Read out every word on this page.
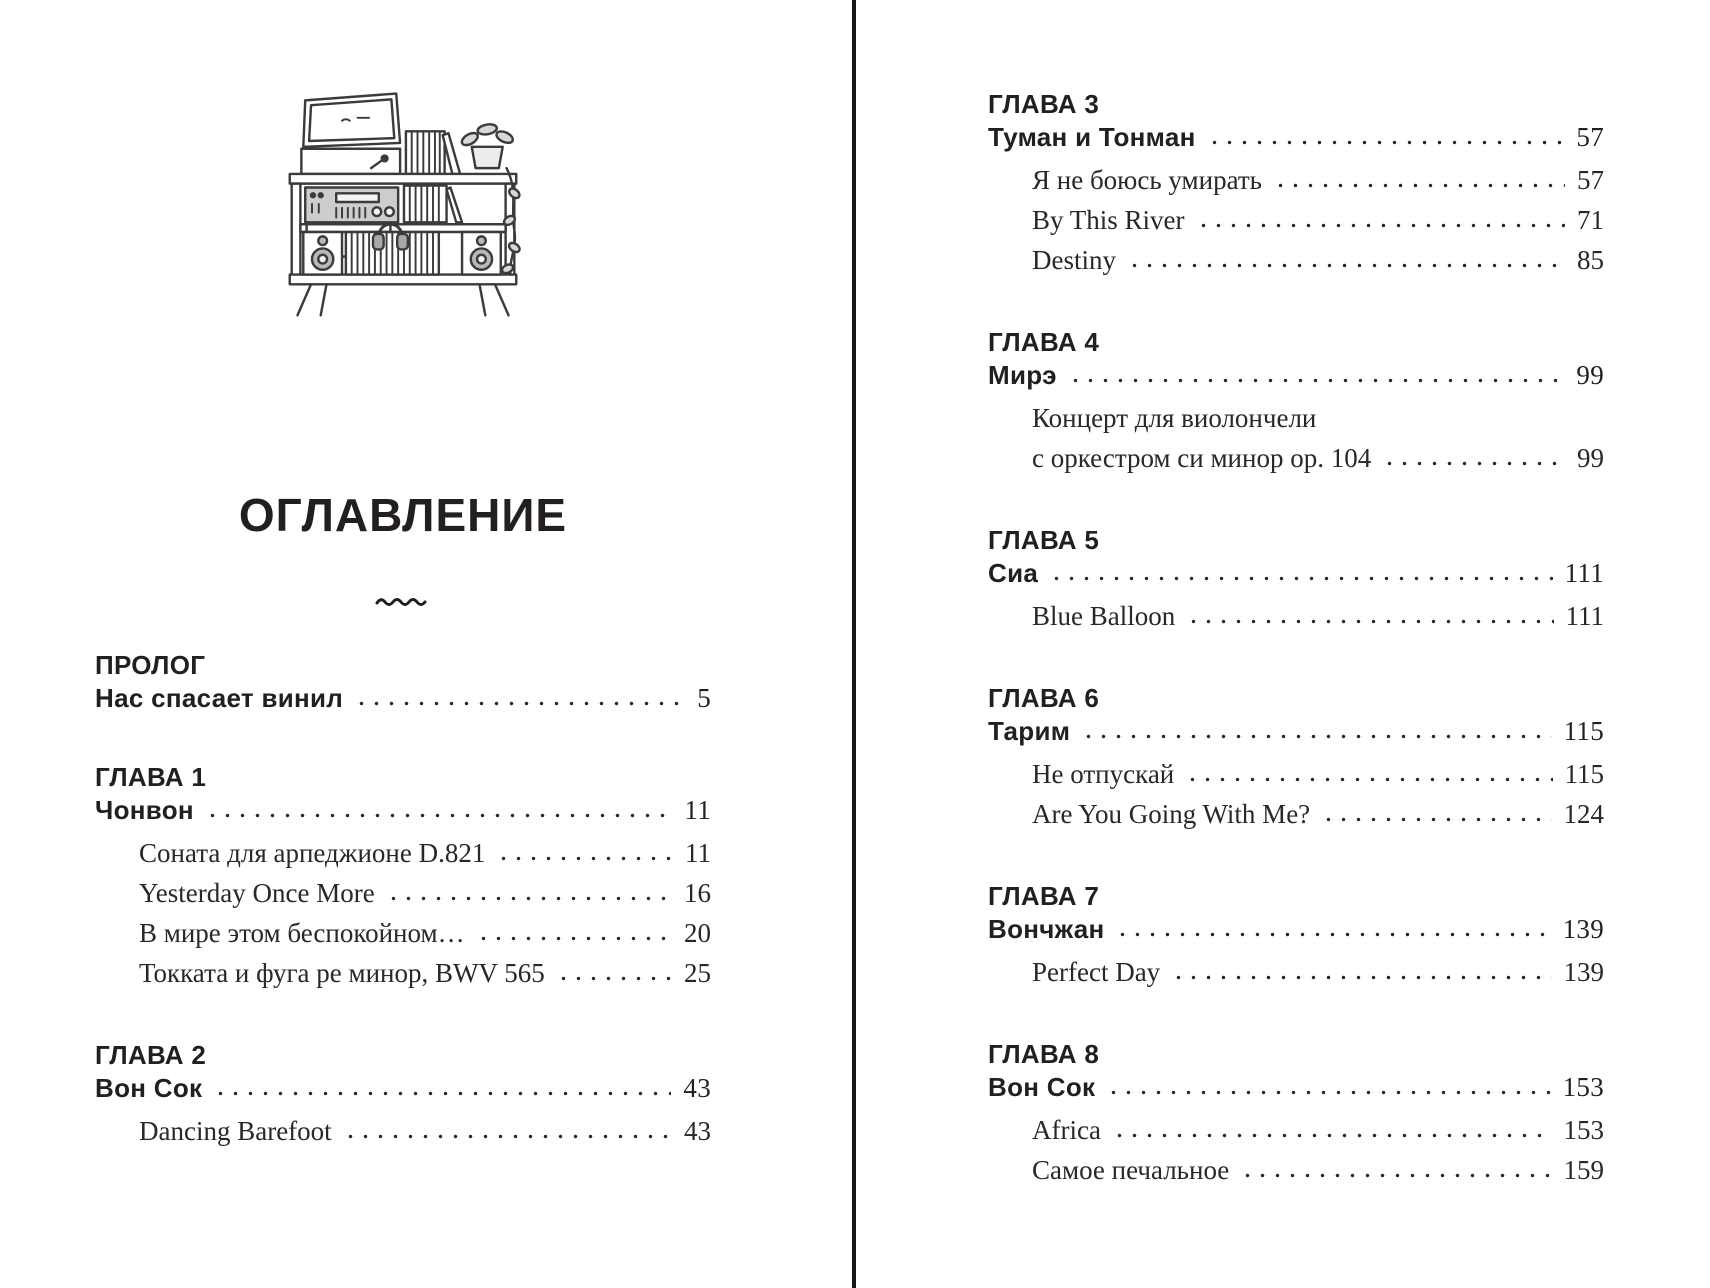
ОГЛАВЛЕНИЕ
ПРОЛОГ
Нас спасает винил	5
ГЛАВА 1
Чонвон	11
Соната для арпеджионе D.821	11
Yesterday Once More	16
В мире этом беспокойном…	20
Токката и фуга ре минор, BWV 565	25
ГЛАВА 2
Вон Сок	43
Dancing Barefoot	43
ГЛАВА 3
Туман и Тонман	57
Я не боюсь умирать	57
By This River	71
Destiny	85
ГЛАВА 4
Мирэ	99
Концерт для виолончели
с оркестром си минор op. 104	99
ГЛАВА 5
Сиа	111
Blue Balloon	111
ГЛАВА 6
Тарим	115
Не отпускай	115
Are You Going With Me?	124
ГЛАВА 7
Вончжан	139
Perfect Day	139
ГЛАВА 8
Вон Сок	153
Africa	153
Самое печальное	159
